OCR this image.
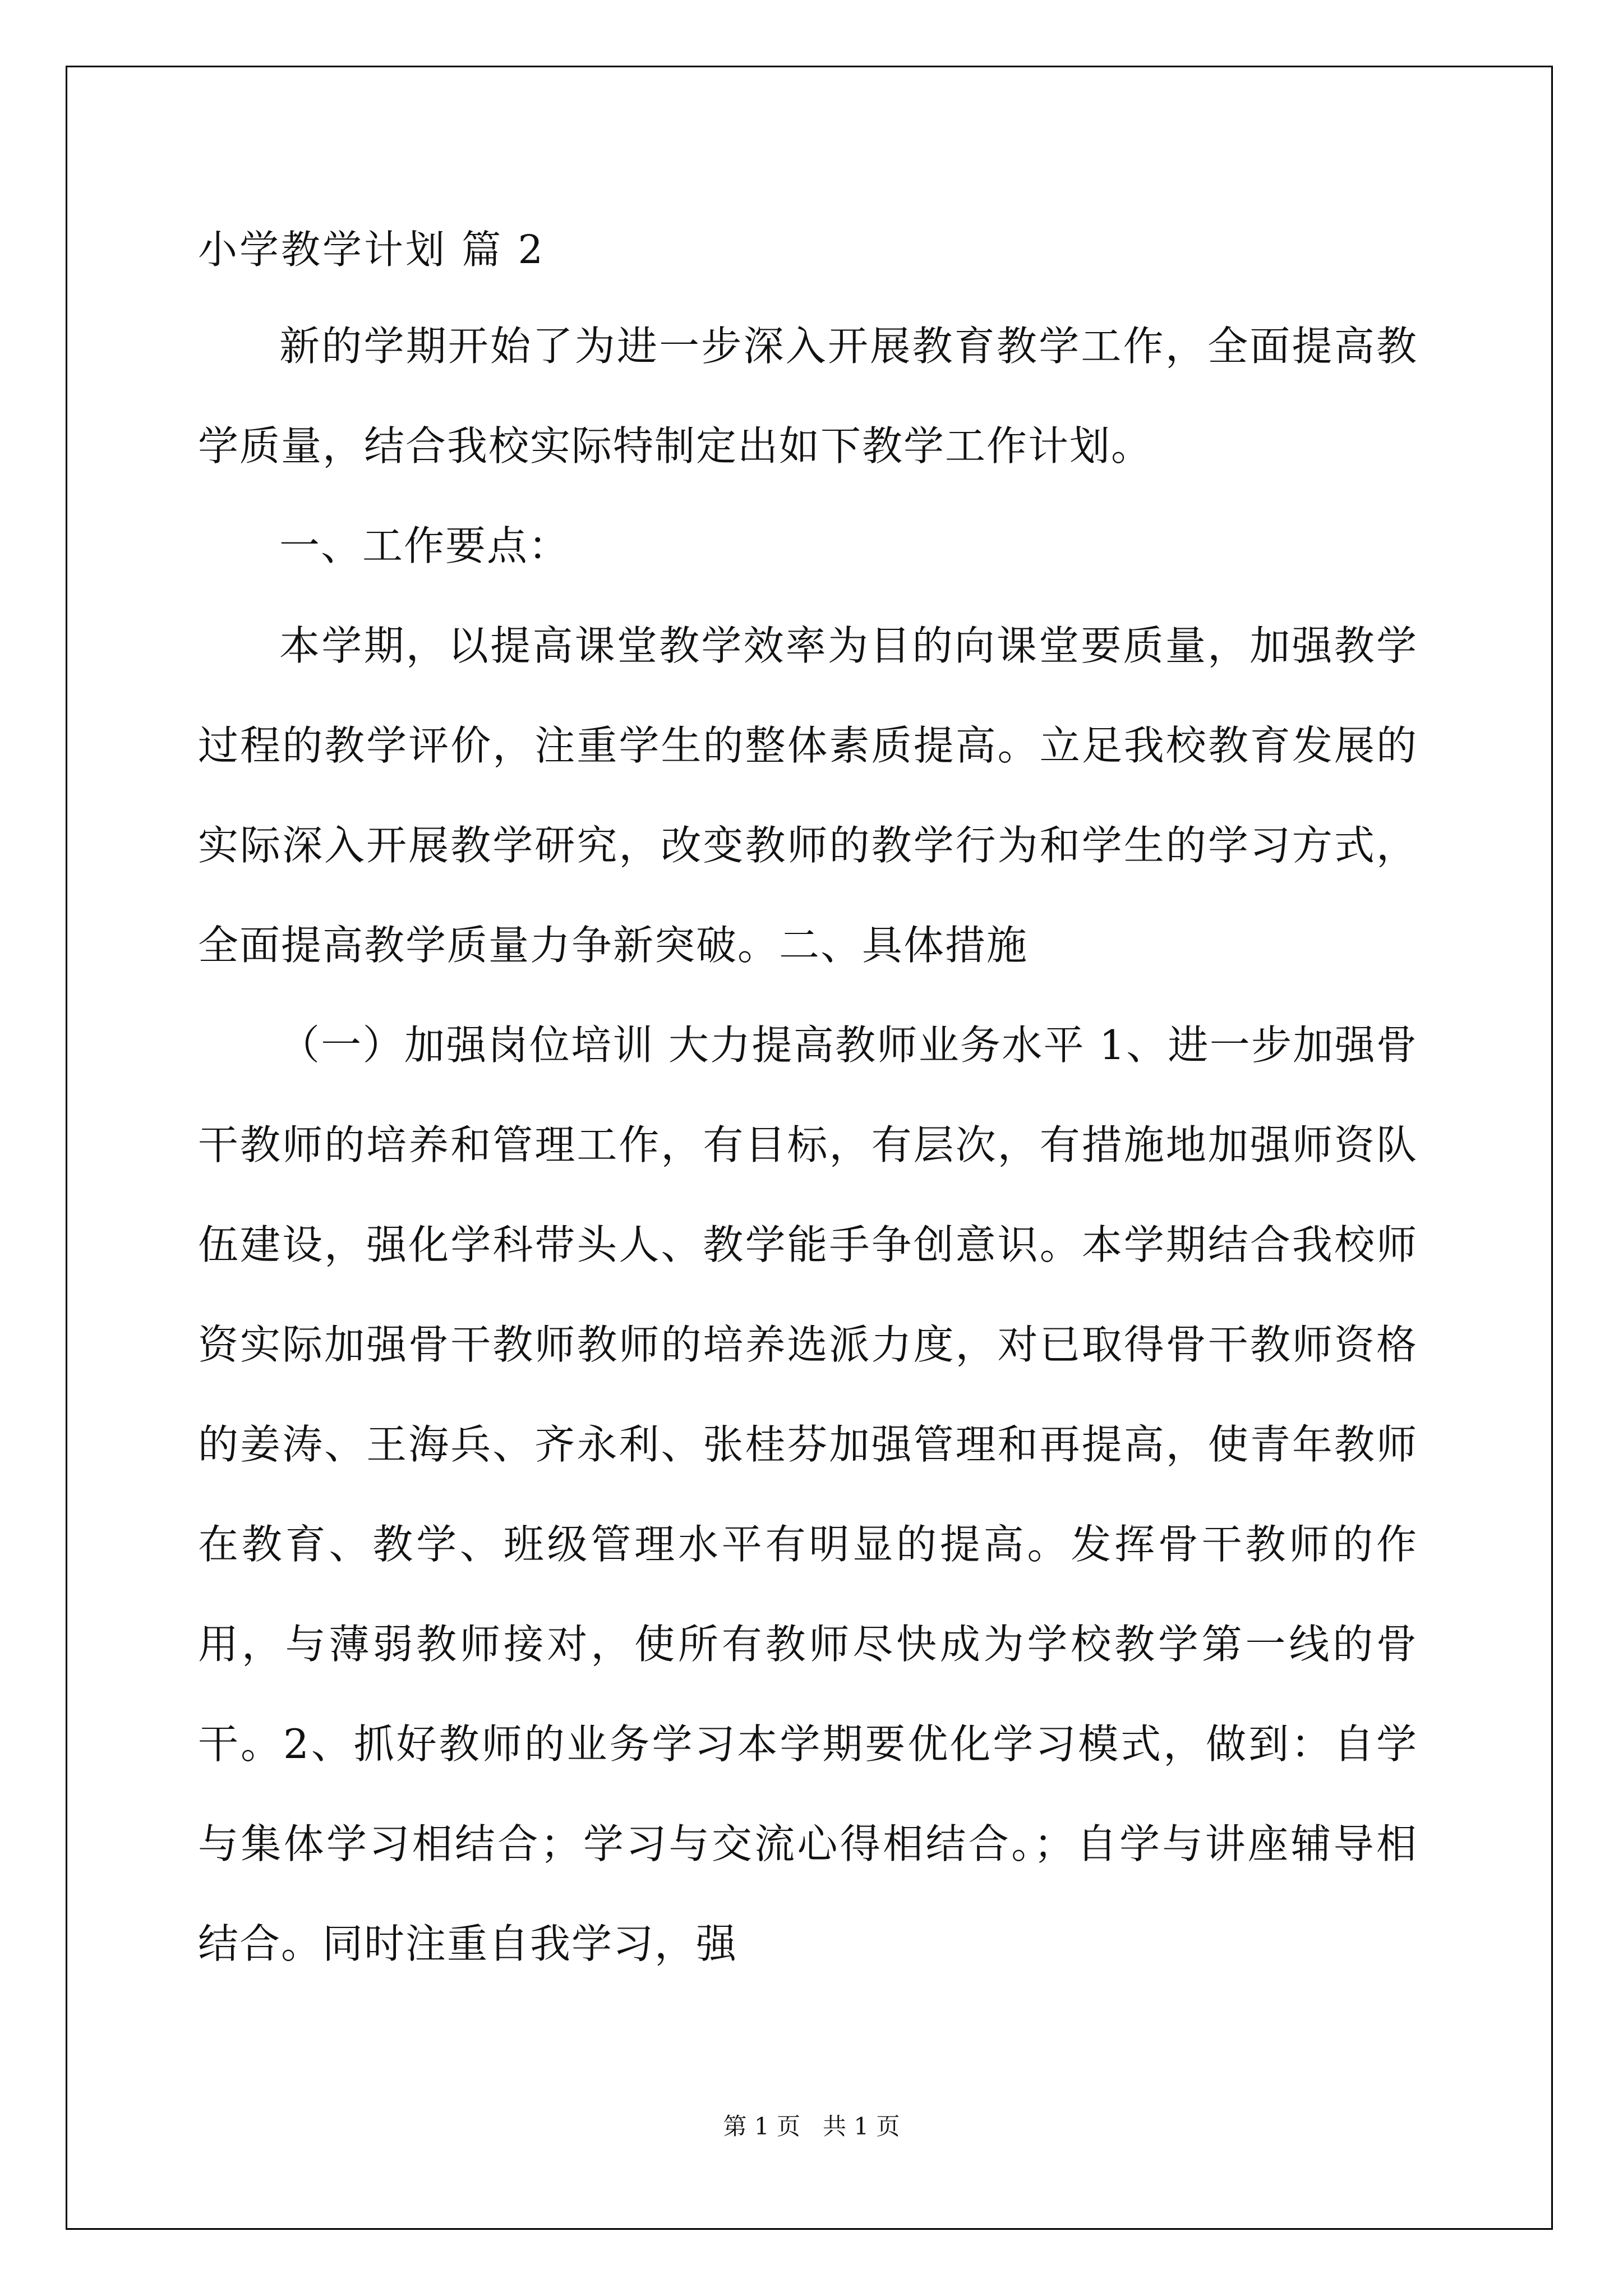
小学教学计划 篇 2

新的学期开始了为进一步深入开展教育教学工作，全面提高教学质量，结合我校实际特制定出如下教学工作计划。

一、工作要点：

本学期，以提高课堂教学效率为目的向课堂要质量，加强教学过程的教学评价，注重学生的整体素质提高。立足我校教育发展的实际深入开展教学研究，改变教师的教学行为和学生的学习方式，全面提高教学质量力争新突破。二、具体措施

（一）加强岗位培训 大力提高教师业务水平 1、进一步加强骨干教师的培养和管理工作，有目标，有层次，有措施地加强师资队伍建设，强化学科带头人、教学能手争创意识。本学期结合我校师资实际加强骨干教师教师的培养选派力度，对已取得骨干教师资格的姜涛、王海兵、齐永利、张桂芬加强管理和再提高，使青年教师在教育、教学、班级管理水平有明显的提高。发挥骨干教师的作用，与薄弱教师接对，使所有教师尽快成为学校教学第一线的骨干。2、抓好教师的业务学习本学期要优化学习模式，做到：自学与集体学习相结合；学习与交流心得相结合。；自学与讲座辅导相结合。同时注重自我学习，强

第 1 页   共 1 页
